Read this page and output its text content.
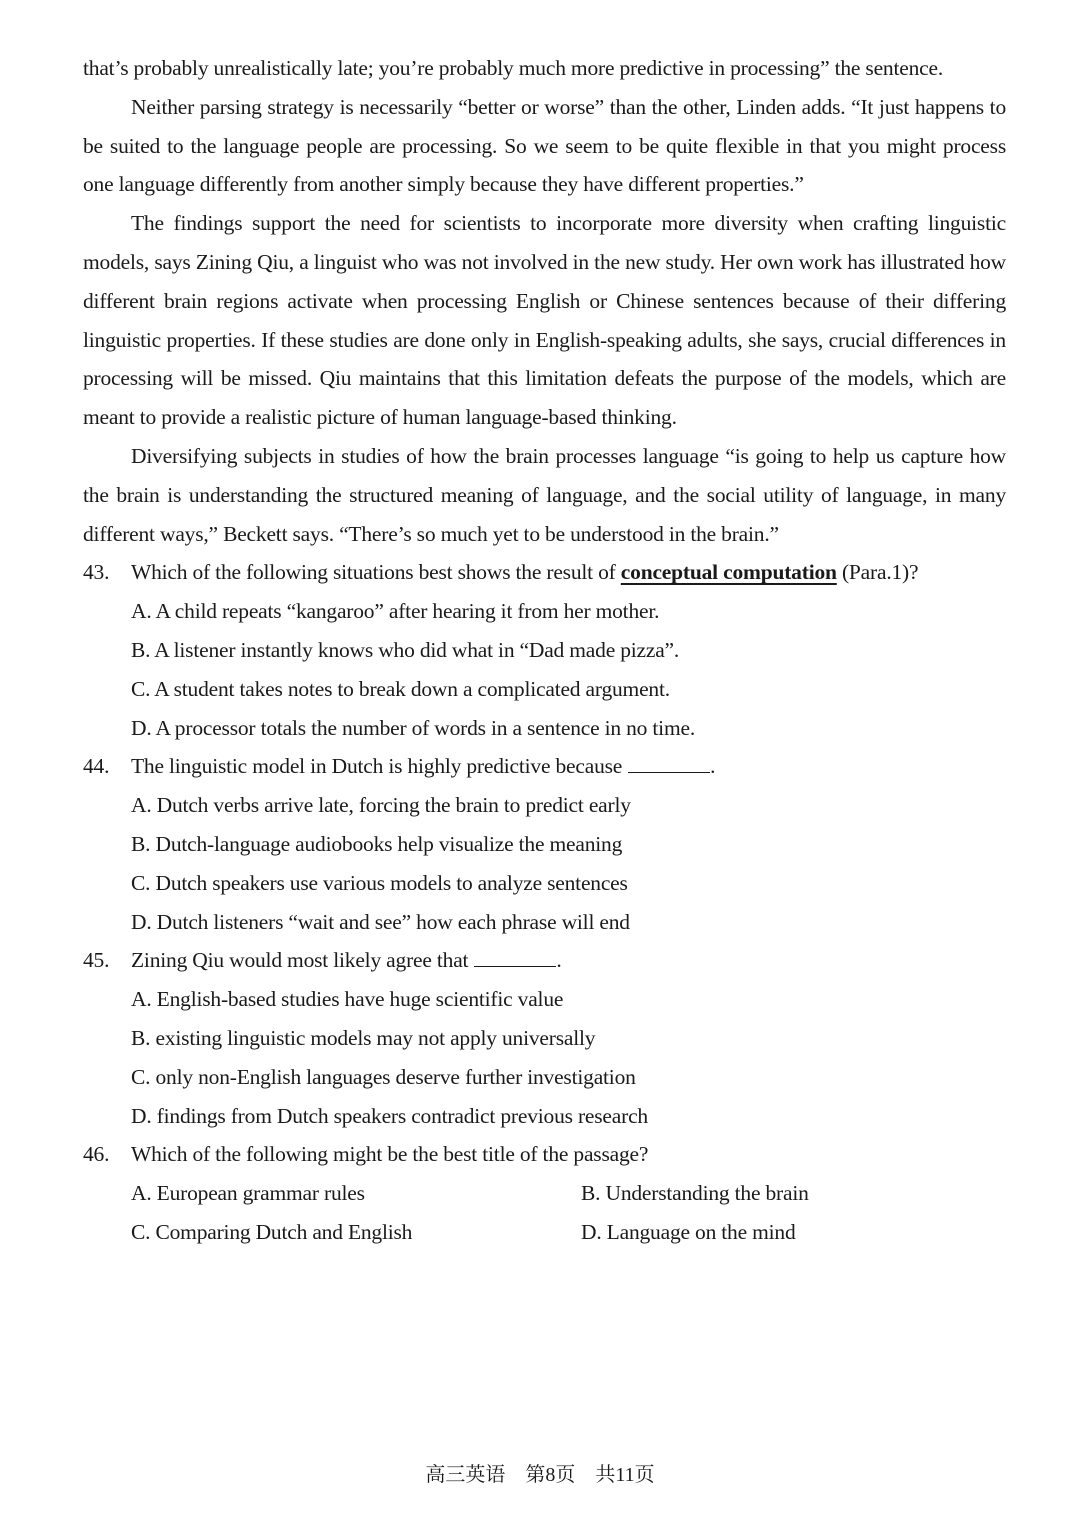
that’s probably unrealistically late; you’re probably much more predictive in processing” the sentence.

Neither parsing strategy is necessarily “better or worse” than the other, Linden adds. “It just happens to be suited to the language people are processing. So we seem to be quite flexible in that you might process one language differently from another simply because they have different properties.”

The findings support the need for scientists to incorporate more diversity when crafting linguistic models, says Zining Qiu, a linguist who was not involved in the new study. Her own work has illustrated how different brain regions activate when processing English or Chinese sentences because of their differing linguistic properties. If these studies are done only in English-speaking adults, she says, crucial differences in processing will be missed. Qiu maintains that this limitation defeats the purpose of the models, which are meant to provide a realistic picture of human language-based thinking.

Diversifying subjects in studies of how the brain processes language “is going to help us capture how the brain is understanding the structured meaning of language, and the social utility of language, in many different ways,” Beckett says. “There’s so much yet to be understood in the brain.”

43.	Which of the following situations best shows the result of conceptual computation (Para.1)?
A. A child repeats “kangaroo” after hearing it from her mother.
B. A listener instantly knows who did what in “Dad made pizza”.
C. A student takes notes to break down a complicated argument.
D. A processor totals the number of words in a sentence in no time.
44.	The linguistic model in Dutch is highly predictive because	.
A. Dutch verbs arrive late, forcing the brain to predict early
B. Dutch-language audiobooks help visualize the meaning
C. Dutch speakers use various models to analyze sentences
D. Dutch listeners “wait and see” how each phrase will end
45.	Zining Qiu would most likely agree that	.
A. English-based studies have huge scientific value
B. existing linguistic models may not apply universally
C. only non-English languages deserve further investigation
D. findings from Dutch speakers contradict previous research
46.	Which of the following might be the best title of the passage?
A. European grammar rules	B. Understanding the brain
C. Comparing Dutch and English	D. Language on the mind
高三英语 第8页 共11页
